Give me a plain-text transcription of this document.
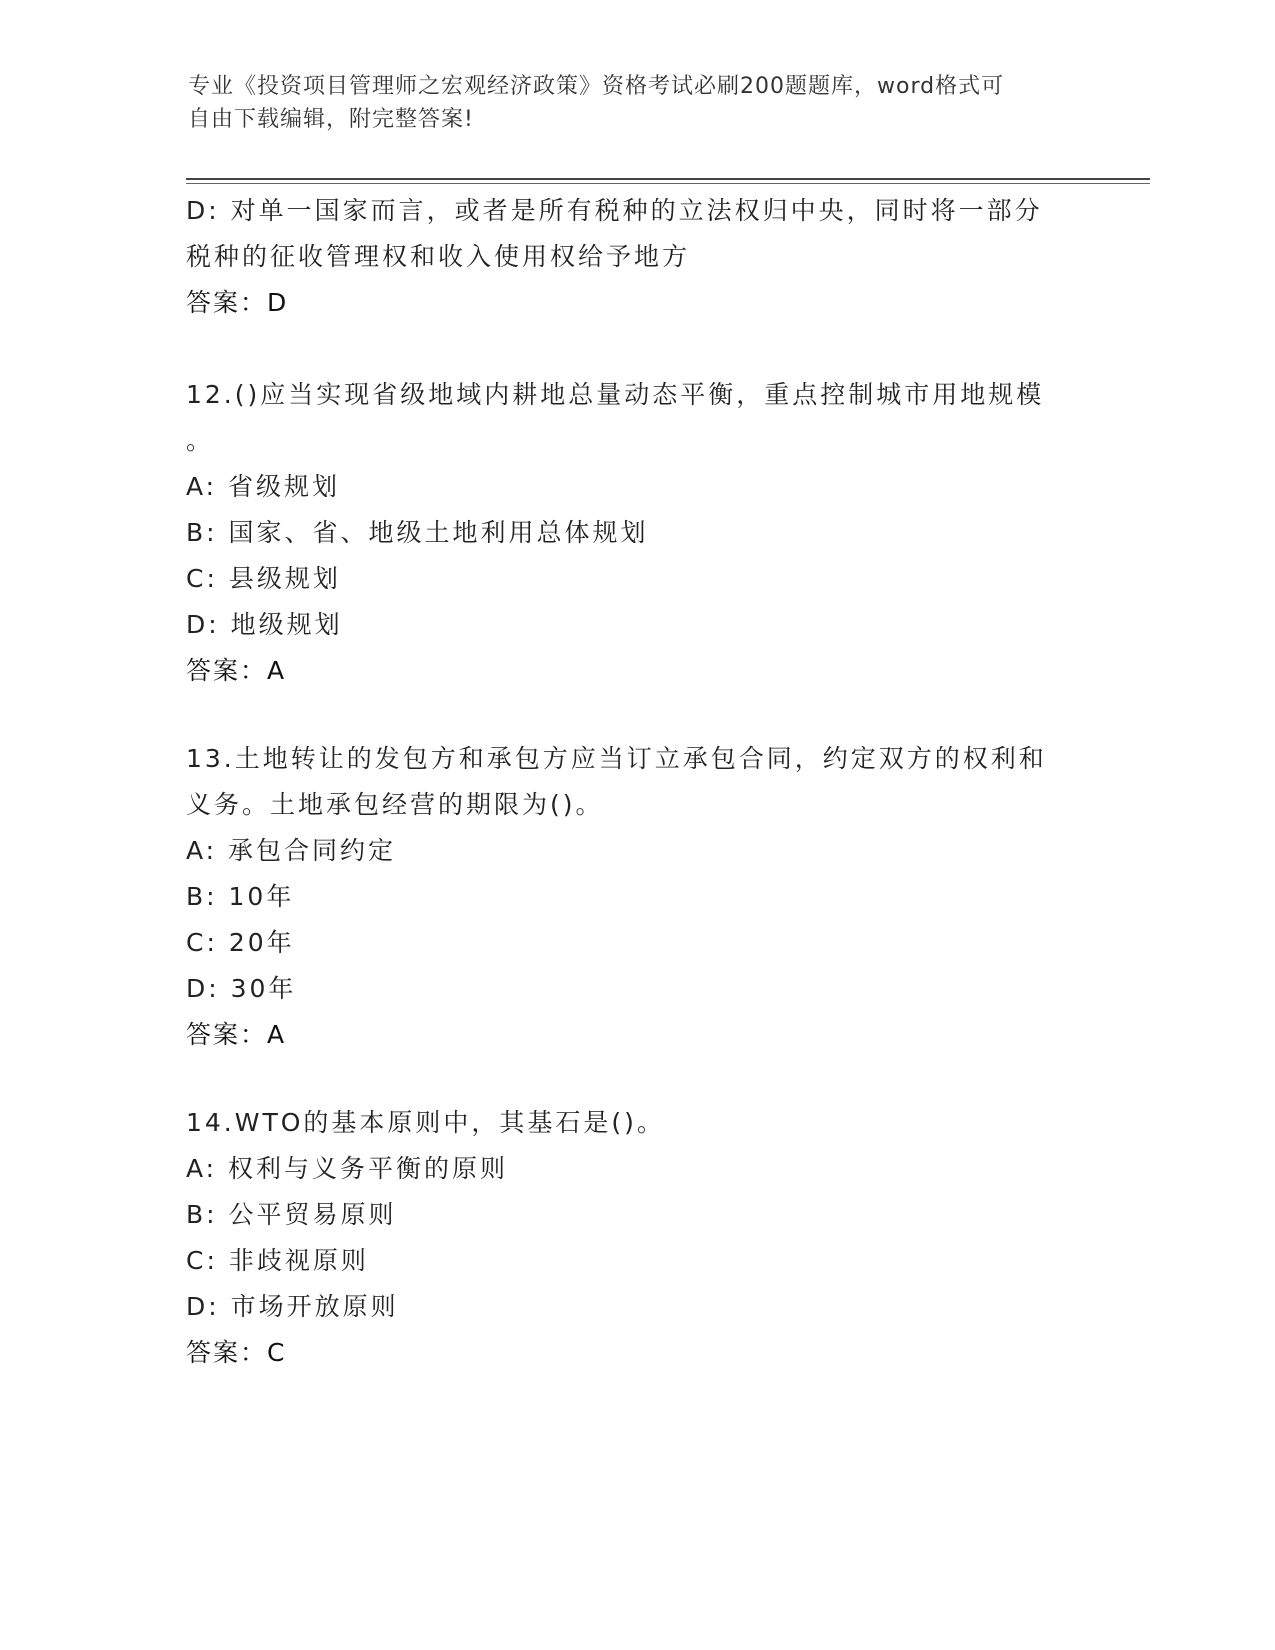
专业《投资项目管理师之宏观经济政策》资格考试必刷200题题库，word格式可
自由下载编辑，附完整答案!
D: 对单一国家而言，或者是所有税种的立法权归中央，同时将一部分
税种的征收管理权和收入使用权给予地方
答案：D
12.()应当实现省级地域内耕地总量动态平衡，重点控制城市用地规模
。
A: 省级规划
B: 国家、省、地级土地利用总体规划
C: 县级规划
D: 地级规划
答案：A
13.土地转让的发包方和承包方应当订立承包合同，约定双方的权利和
义务。土地承包经营的期限为()。
A: 承包合同约定
B: 10年
C: 20年
D: 30年
答案：A
14.WTO的基本原则中，其基石是()。
A: 权利与义务平衡的原则
B: 公平贸易原则
C: 非歧视原则
D: 市场开放原则
答案：C
